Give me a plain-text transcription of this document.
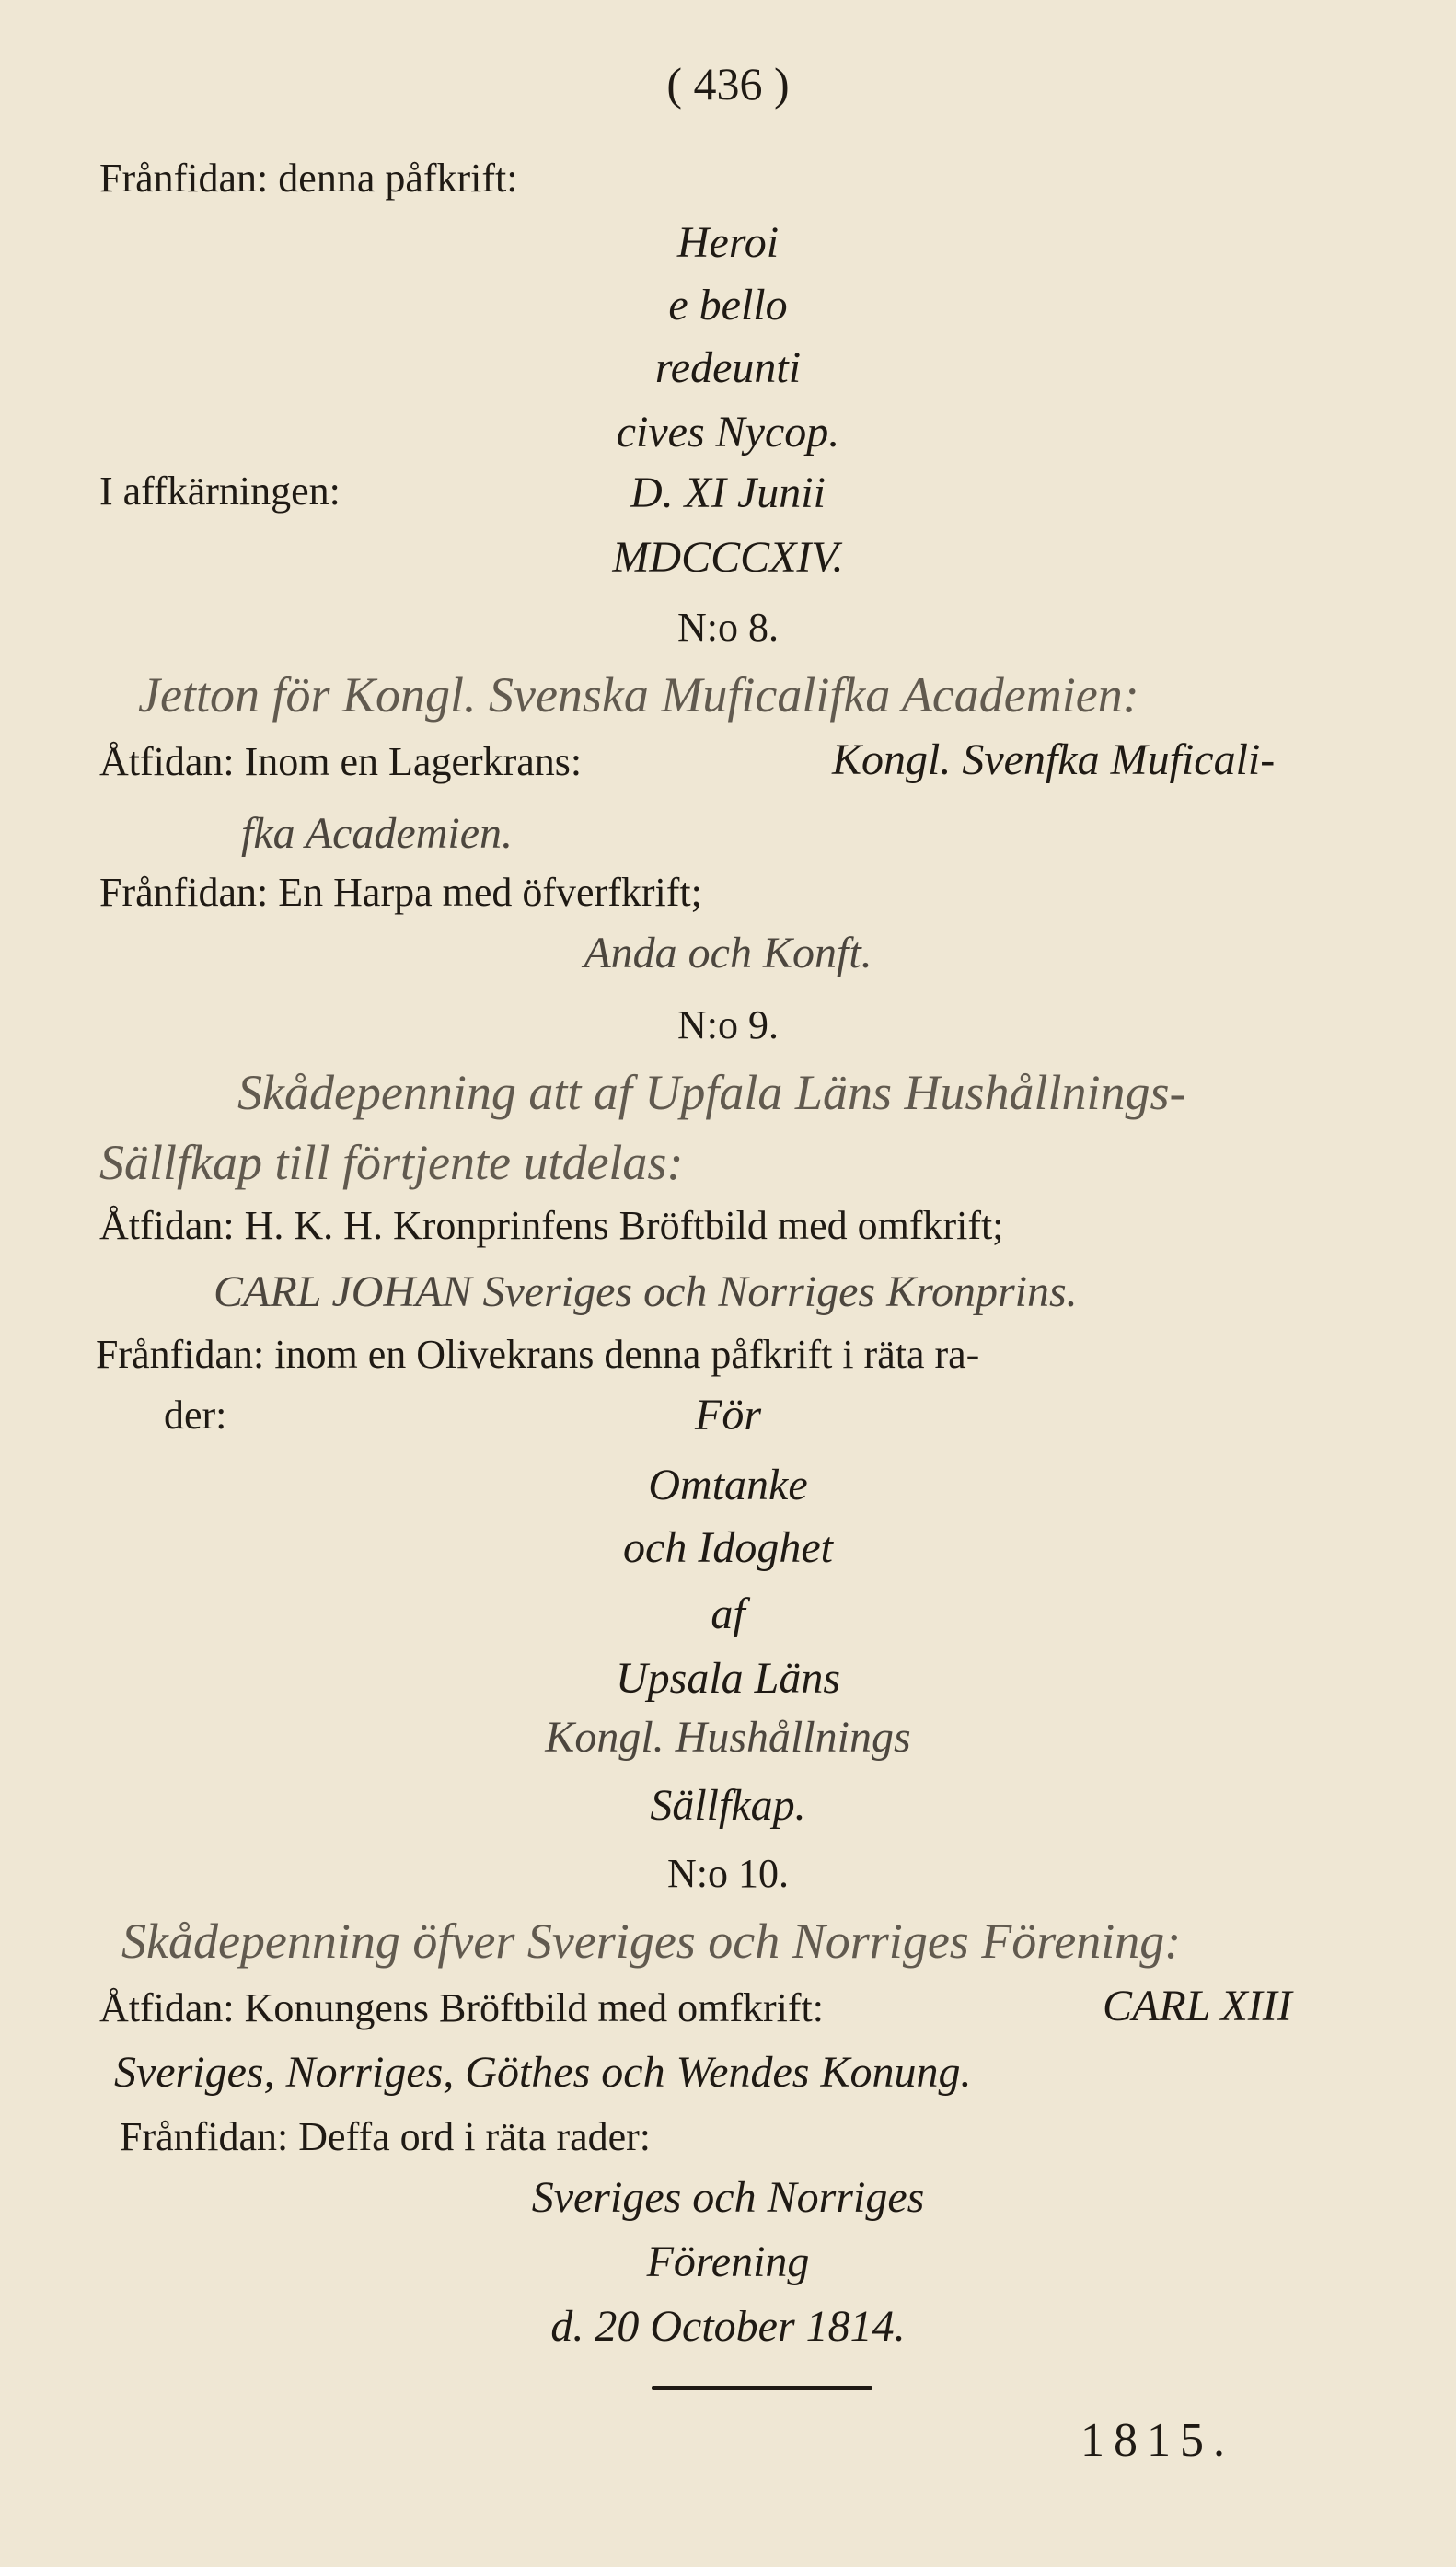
( 436 )
Frånfidan: denna påfkrift:
Heroi
e bello
redeunti
cives Nycop.
I affkärningen:	D. XI Junii
MDCCCXIV.
N:o 8.
Jetton för Kongl. Svenska Muficalifka Academien:
Åtfidan: Inom en Lagerkrans:	Kongl. Svenfka Muficali-
fka Academien.
Frånfidan: En Harpa med öfverfkrift;
Anda och Konft.
N:o 9.
Skådepenning att af Upfala Läns Hushållnings-
Sällfkap till förtjente utdelas:
Åtfidan: H. K. H. Kronprinfens Bröftbild med omfkrift;
CARL JOHAN Sveriges och Norriges Kronprins.
Frånfidan: inom en Olivekrans denna påfkrift i räta ra-
der:	För
Omtanke
och Idoghet
af
Upsala Läns
Kongl. Hushållnings
Sällfkap.
N:o 10.
Skådepenning öfver Sveriges och Norriges Förening:
Åtfidan: Konungens Bröftbild med omfkrift:	CARL XIII
Sveriges, Norriges, Göthes och Wendes Konung.
Frånfidan: Deffa ord i räta rader:
Sveriges och Norriges
Förening
d. 20 October 1814.
1815.
